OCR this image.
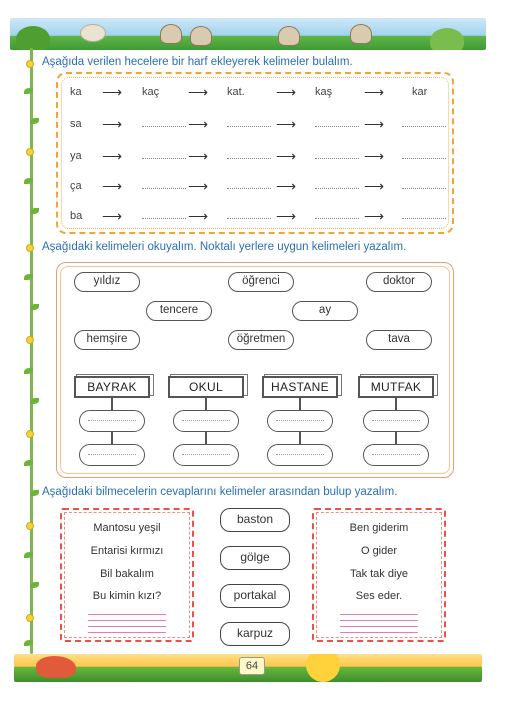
Aşağıda verilen hecelere bir harf ekleyerek kelimeler bulalım.
ka ⟶ kaç ⟶ kat. ⟶ kaş ⟶	kar
sa ⟶	⟶	⟶	⟶
ya ⟶	⟶	⟶	⟶
ça ⟶	⟶	⟶	⟶
ba ⟶	⟶	⟶	⟶
Aşağıdaki kelimeleri okuyalım. Noktalı yerlere uygun kelimeleri yazalım.
yıldız	öğrenci	doktor
tencere	ay
hemşire	öğretmen	tava
BAYRAK	OKUL	HASTANE	MUTFAK
Aşağıdaki bilmecelerin cevaplarını kelimeler arasından bulup yazalım.
Mantosu yeşil
Entarisi kırmızı
Bil bakalım
Bu kimin kızı?
Ben giderim
O gider
Tak tak diye
Ses eder.
baston
gölge
portakal
karpuz
64
